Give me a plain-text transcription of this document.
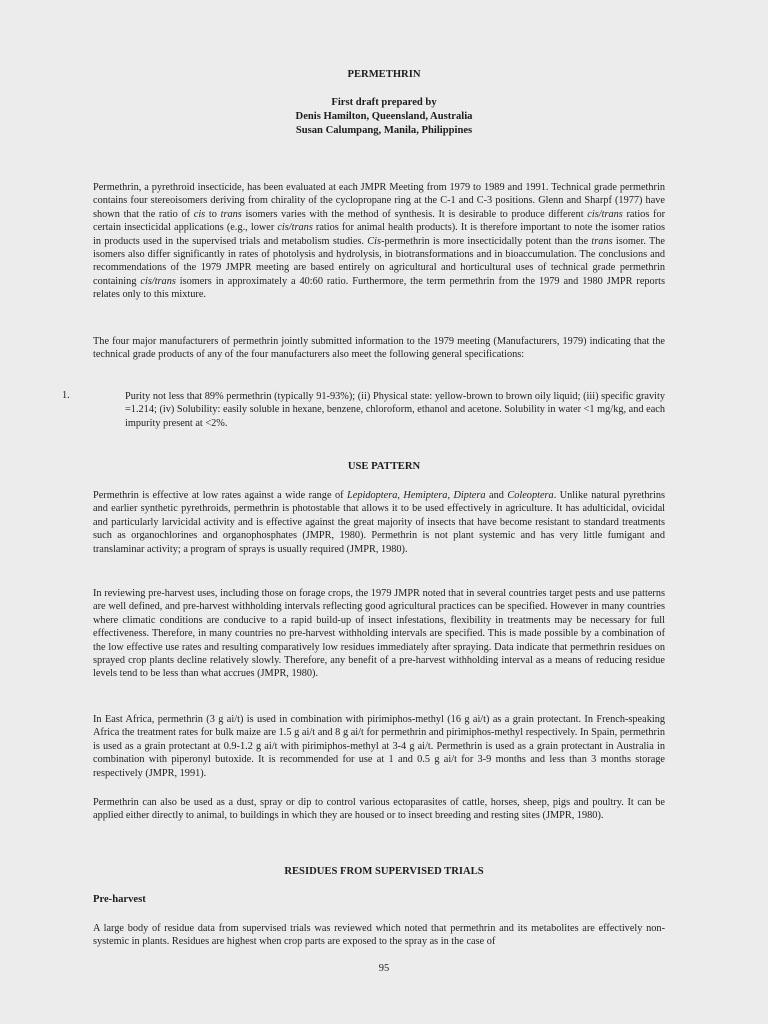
PERMETHRIN
First draft prepared by
Denis Hamilton, Queensland, Australia
Susan Calumpang, Manila, Philippines

Permethrin, a pyrethroid insecticide, has been evaluated at each JMPR Meeting from 1979 to 1989 and 1991. Technical grade permethrin contains four stereoisomers deriving from chirality of the cyclopropane ring at the C-1 and C-3 positions. Glenn and Sharpf (1977) have shown that the ratio of cis to trans isomers varies with the method of synthesis. It is desirable to produce different cis/trans ratios for certain insecticidal applications (e.g., lower cis/trans ratios for animal health products). It is therefore important to note the isomer ratios in products used in the supervised trials and metabolism studies. Cis-permethrin is more insecticidally potent than the trans isomer. The isomers also differ significantly in rates of photolysis and hydrolysis, in biotransformations and in bioaccumulation. The conclusions and recommendations of the 1979 JMPR meeting are based entirely on agricultural and horticultural uses of technical grade permethrin containing cis/trans isomers in approximately a 40:60 ratio. Furthermore, the term permethrin from the 1979 and 1980 JMPR reports relates only to this mixture.

The four major manufacturers of permethrin jointly submitted information to the 1979 meeting (Manufacturers, 1979) indicating that the technical grade products of any of the four manufacturers also meet the following general specifications:

1.	Purity not less that 89% permethrin (typically 91-93%); (ii) Physical state: yellow-brown to brown oily liquid; (iii) specific gravity =1.214; (iv) Solubility: easily soluble in hexane, benzene, chloroform, ethanol and acetone. Solubility in water <1 mg/kg, and each impurity present at <2%.

USE PATTERN

Permethrin is effective at low rates against a wide range of Lepidoptera, Hemiptera, Diptera and Coleoptera. Unlike natural pyrethrins and earlier synthetic pyrethroids, permethrin is photostable that allows it to be used effectively in agriculture. It has adulticidal, ovicidal and particularly larvicidal activity and is effective against the great majority of insects that have become resistant to standard treatments such as organochlorines and organophosphates (JMPR, 1980). Permethrin is not plant systemic and has very little fumigant and translaminar activity; a program of sprays is usually required (JMPR, 1980).

In reviewing pre-harvest uses, including those on forage crops, the 1979 JMPR noted that in several countries target pests and use patterns are well defined, and pre-harvest withholding intervals reflecting good agricultural practices can be specified. However in many countries where climatic conditions are conducive to a rapid build-up of insect infestations, flexibility in treatments may be necessary for full effectiveness. Therefore, in many countries no pre-harvest withholding intervals are specified. This is made possible by a combination of the low effective use rates and resulting comparatively low residues immediately after spraying. Data indicate that permethrin residues on sprayed crop plants decline relatively slowly. Therefore, any benefit of a pre-harvest withholding interval as a means of reducing residue levels tend to be less than what accrues (JMPR, 1980).

In East Africa, permethrin (3 g ai/t) is used in combination with pirimiphos-methyl (16 g ai/t) as a grain protectant. In French-speaking Africa the treatment rates for bulk maize are 1.5 g ai/t and 8 g ai/t for permethrin and pirimiphos-methyl respectively. In Spain, permethrin is used as a grain protectant at 0.9-1.2 g ai/t with pirimiphos-methyl at 3-4 g ai/t. Permethrin is used as a grain protectant in Australia in combination with piperonyl butoxide. It is recommended for use at 1 and 0.5 g ai/t for 3-9 months and less than 3 months storage respectively (JMPR, 1991).

Permethrin can also be used as a dust, spray or dip to control various ectoparasites of cattle, horses, sheep, pigs and poultry. It can be applied either directly to animal, to buildings in which they are housed or to insect breeding and resting sites (JMPR, 1980).

RESIDUES FROM SUPERVISED TRIALS
Pre-harvest

A large body of residue data from supervised trials was reviewed which noted that permethrin and its metabolites are effectively non-systemic in plants. Residues are highest when crop parts are exposed to the spray as in the case of

95
